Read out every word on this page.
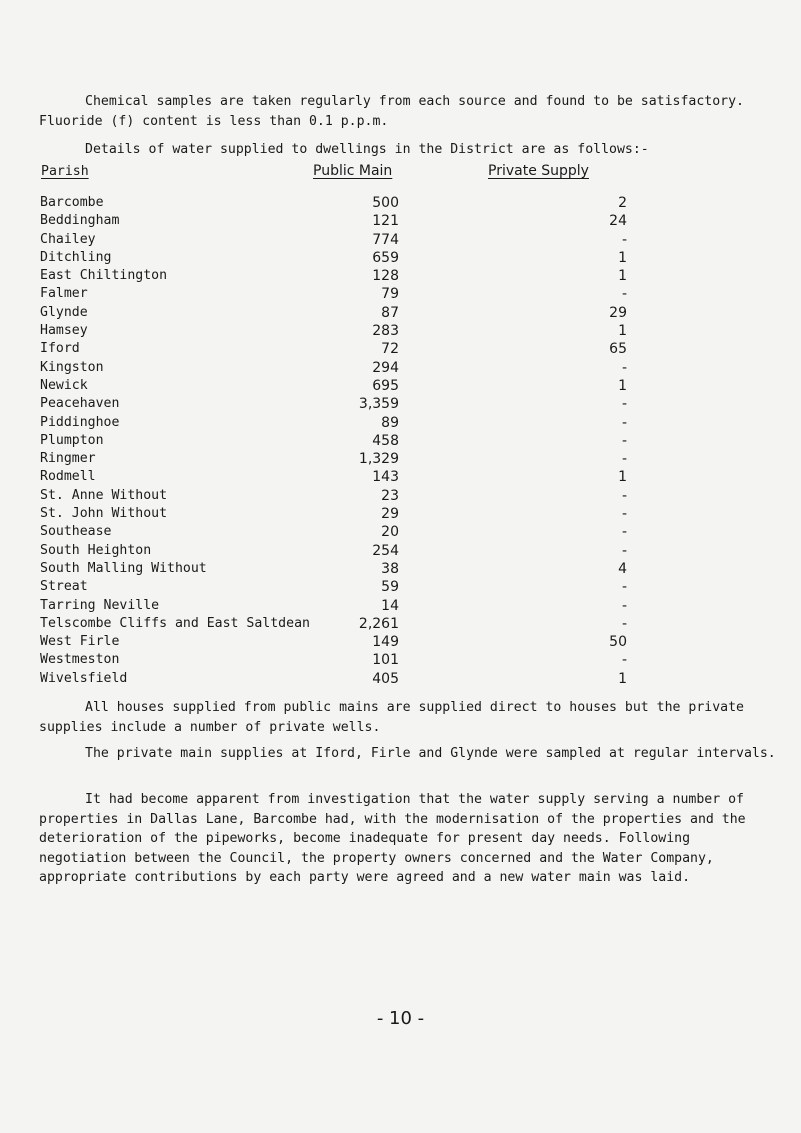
Chemical samples are taken regularly from each source and found to be satisfactory.

Fluoride (f) content is less than 0.1 p.p.m.

Details of water supplied to dwellings in the District are as follows:-

Parish	Public Main	Private Supply
Barcombe	500	2
Beddingham	121	24
Chailey	774	-
Ditchling	659	1
East Chiltington	128	1
Falmer	79	-
Glynde	87	29
Hamsey	283	1
Iford	72	65
Kingston	294	-
Newick	695	1
Peacehaven	3,359	-
Piddinghoe	89	-
Plumpton	458	-
Ringmer	1,329	-
Rodmell	143	1
St. Anne Without	23	-
St. John Without	29	-
Southease	20	-
South Heighton	254	-
South Malling Without	38	4
Streat	59	-
Tarring Neville	14	-
Telscombe Cliffs and East Saltdean	2,261	-
West Firle	149	50
Westmeston	101	-
Wivelsfield	405	1

All houses supplied from public mains are supplied direct to houses but the private supplies include a number of private wells.

The private main supplies at Iford, Firle and Glynde were sampled at regular intervals.

It had become apparent from investigation that the water supply serving a number of properties in Dallas Lane, Barcombe had, with the modernisation of the properties and the deterioration of the pipeworks, become inadequate for present day needs. Following negotiation between the Council, the property owners concerned and the Water Company, appropriate contributions by each party were agreed and a new water main was laid.

- 10 -
